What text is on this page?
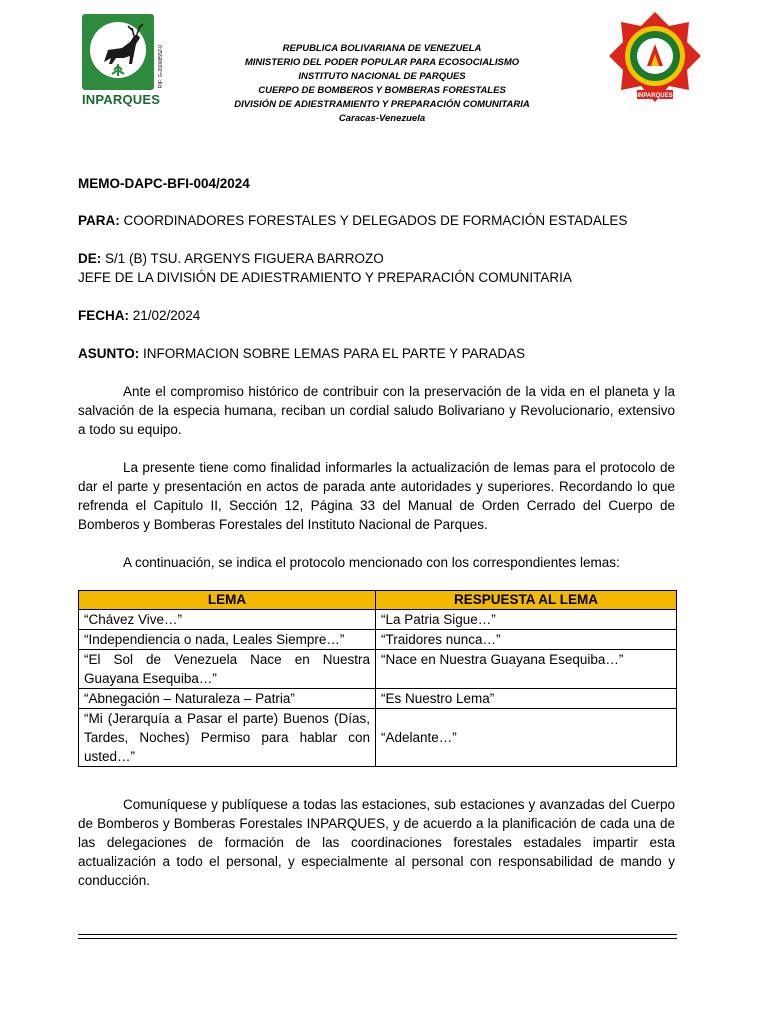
RIF: G-20008552-0
INPARQUES
REPUBLICA BOLIVARIANA DE VENEZUELA
MINISTERIO DEL PODER POPULAR PARA ECOSOCIALISMO
INSTITUTO NACIONAL DE PARQUES
CUERPO DE BOMBEROS Y BOMBERAS FORESTALES
DIVISIÓN DE ADIESTRAMIENTO Y PREPARACIÓN COMUNITARIA
Caracas-Venezuela
INPARQUES
MEMO-DAPC-BFI-004/2024
PARA: COORDINADORES FORESTALES Y DELEGADOS DE FORMACIÓN ESTADALES
DE: S/1 (B) TSU. ARGENYS FIGUERA BARROZO
JEFE DE LA DIVISIÓN DE ADIESTRAMIENTO Y PREPARACIÓN COMUNITARIA
FECHA: 21/02/2024
ASUNTO: INFORMACION SOBRE LEMAS PARA EL PARTE Y PARADAS
Ante el compromiso histórico de contribuir con la preservación de la vida en el planeta y la salvación de la especia humana, reciban un cordial saludo Bolivariano y Revolucionario, extensivo a todo su equipo.
La presente tiene como finalidad informarles la actualización de lemas para el protocolo de dar el parte y presentación en actos de parada ante autoridades y superiores. Recordando lo que refrenda el Capitulo II, Sección 12, Página 33 del Manual de Orden Cerrado del Cuerpo de Bomberos y Bomberas Forestales del Instituto Nacional de Parques.
A continuación, se indica el protocolo mencionado con los correspondientes lemas:
LEMA	RESPUESTA AL LEMA
“Chávez Vive…”	“La Patria Sigue…”
“Independiencia o nada, Leales Siempre…”	“Traidores nunca…”
“El Sol de Venezuela Nace en Nuestra Guayana Esequiba…”	“Nace en Nuestra Guayana Esequiba…”
“Abnegación – Naturaleza – Patria”	“Es Nuestro Lema”
“Mi (Jerarquía a Pasar el parte) Buenos (Días, Tardes, Noches) Permiso para hablar con usted…”	“Adelante…”
Comuníquese y publíquese a todas las estaciones, sub estaciones y avanzadas del Cuerpo de Bomberos y Bomberas Forestales INPARQUES, y de acuerdo a la planificación de cada una de las delegaciones de formación de las coordinaciones forestales estadales impartir esta actualización a todo el personal, y especialmente al personal con responsabilidad de mando y conducción.
